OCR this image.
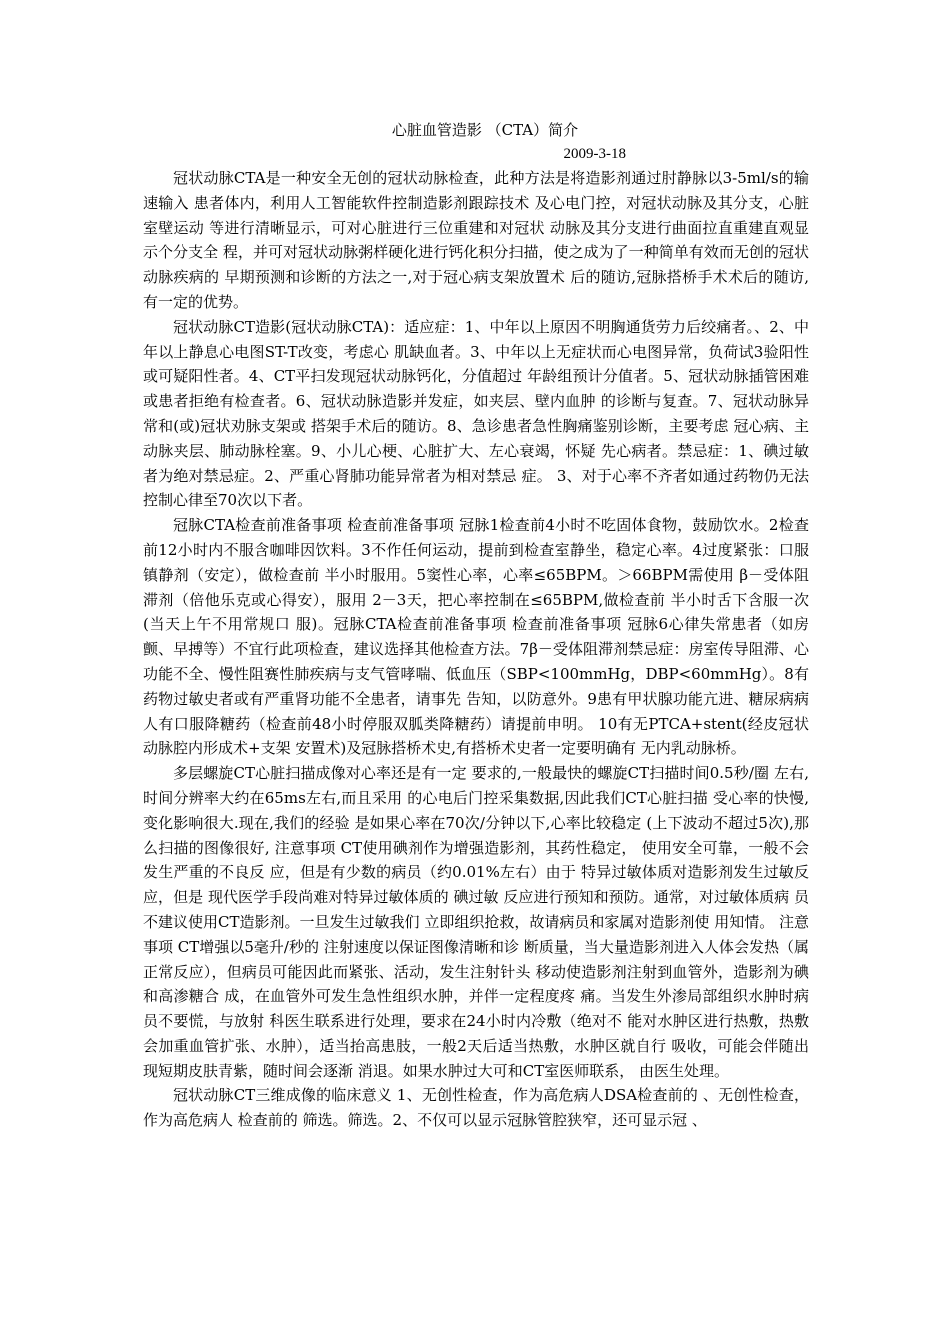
心脏血管造影 （CTA）简介

2009-3-18

冠状动脉CTA是一种安全无创的冠状动脉检查，此种方法是将造影剂通过肘静脉以3-5ml/s的输速输入 患者体内，利用人工智能软件控制造影剂跟踪技术 及心电门控，对冠状动脉及其分支，心脏室壁运动 等进行清晰显示，可对心脏进行三位重建和对冠状 动脉及其分支进行曲面拉直重建直观显示个分支全 程，并可对冠状动脉粥样硬化进行钙化积分扫描，使之成为了一种简单有效而无创的冠状动脉疾病的 早期预测和诊断的方法之一,对于冠心病支架放置术 后的随访,冠脉搭桥手术术后的随访,有一定的优势。

冠状动脉CT造影(冠状动脉CTA)：适应症：1、中年以上原因不明胸通货劳力后绞痛者。、2、中年以上静息心电图ST-T改变，考虑心 肌缺血者。3、中年以上无症状而心电图异常，负荷试3验阳性或可疑阳性者。4、CT平扫发现冠状动脉钙化，分值超过 年龄组预计分值者。5、冠状动脉插管困难或患者拒绝有检查者。6、冠状动脉造影并发症，如夹层、壁内血肿 的诊断与复查。7、冠状动脉异常和(或)冠状劝脉支架或 搭架手术后的随访。8、急诊患者急性胸痛鉴别诊断，主要考虑 冠心病、主动脉夹层、肺动脉栓塞。9、小儿心梗、心脏扩大、左心衰竭，怀疑 先心病者。禁忌症：1、碘过敏者为绝对禁忌症。2、严重心肾肺功能异常者为相对禁忌 症。 3、对于心率不齐者如通过药物仍无法 控制心律至70次以下者。

冠脉CTA检查前准备事项 检查前准备事项 冠脉1检查前4小时不吃固体食物，鼓励饮水。2检查前12小时内不服含咖啡因饮料。3不作任何运动，提前到检查室静坐，稳定心率。4过度紧张：口服镇静剂（安定），做检查前 半小时服用。5窦性心率，心率≤65BPM。＞66BPM需使用 β－受体阻滞剂（倍他乐克或心得安），服用 2－3天，把心率控制在≤65BPM,做检查前 半小时舌下含服一次(当天上午不用常规口 服)。冠脉CTA检查前准备事项 检查前准备事项 冠脉6心律失常患者（如房颤、早搏等）不宜行此项检查，建议选择其他检查方法。7β－受体阻滞剂禁忌症：房室传导阻滞、心功能不全、慢性阻赛性肺疾病与支气管哮喘、低血压（SBP<100mmHg，DBP<60mmHg）。8有药物过敏史者或有严重肾功能不全患者，请事先 告知，以防意外。9患有甲状腺功能亢进、糖尿病病人有口服降糖药（检查前48小时停服双胍类降糖药）请提前申明。 10有无PTCA+stent(经皮冠状动脉腔内形成术+支架 安置术)及冠脉搭桥术史,有搭桥术史者一定要明确有 无内乳动脉桥。

多层螺旋CT心脏扫描成像对心率还是有一定 要求的,一般最快的螺旋CT扫描时间0.5秒/圈 左右,时间分辨率大约在65ms左右,而且采用 的心电后门控采集数据,因此我们CT心脏扫描 受心率的快慢,变化影响很大.现在,我们的经验 是如果心率在70次/分钟以下,心率比较稳定 (上下波动不超过5次),那么扫描的图像很好, 注意事项 CT使用碘剂作为增强造影剂，其药性稳定， 使用安全可靠，一般不会发生严重的不良反 应，但是有少数的病员（约0.01%左右）由于 特异过敏体质对造影剂发生过敏反应，但是 现代医学手段尚难对特异过敏体质的 碘过敏 反应进行预知和预防。通常，对过敏体质病 员不建议使用CT造影剂。一旦发生过敏我们 立即组织抢救，故请病员和家属对造影剂使 用知情。 注意事项 CT增强以5毫升/秒的 注射速度以保证图像清晰和诊 断质量，当大量造影剂进入人体会发热（属正常反应），但病员可能因此而紧张、活动，发生注射针头 移动使造影剂注射到血管外，造影剂为碘和高渗糖合 成，在血管外可发生急性组织水肿，并伴一定程度疼 痛。当发生外渗局部组织水肿时病员不要慌，与放射 科医生联系进行处理，要求在24小时内冷敷（绝对不 能对水肿区进行热敷，热敷会加重血管扩张、水肿），适当抬高患肢，一般2天后适当热敷，水肿区就自行 吸收，可能会伴随出现短期皮肤青紫，随时间会逐渐 消退。如果水肿过大可和CT室医师联系， 由医生处理。

冠状动脉CT三维成像的临床意义 1、无创性检查，作为高危病人DSA检查前的 、无创性检查，作为高危病人 检查前的 筛选。筛选。2、不仅可以显示冠脉管腔狭窄，还可显示冠 、
